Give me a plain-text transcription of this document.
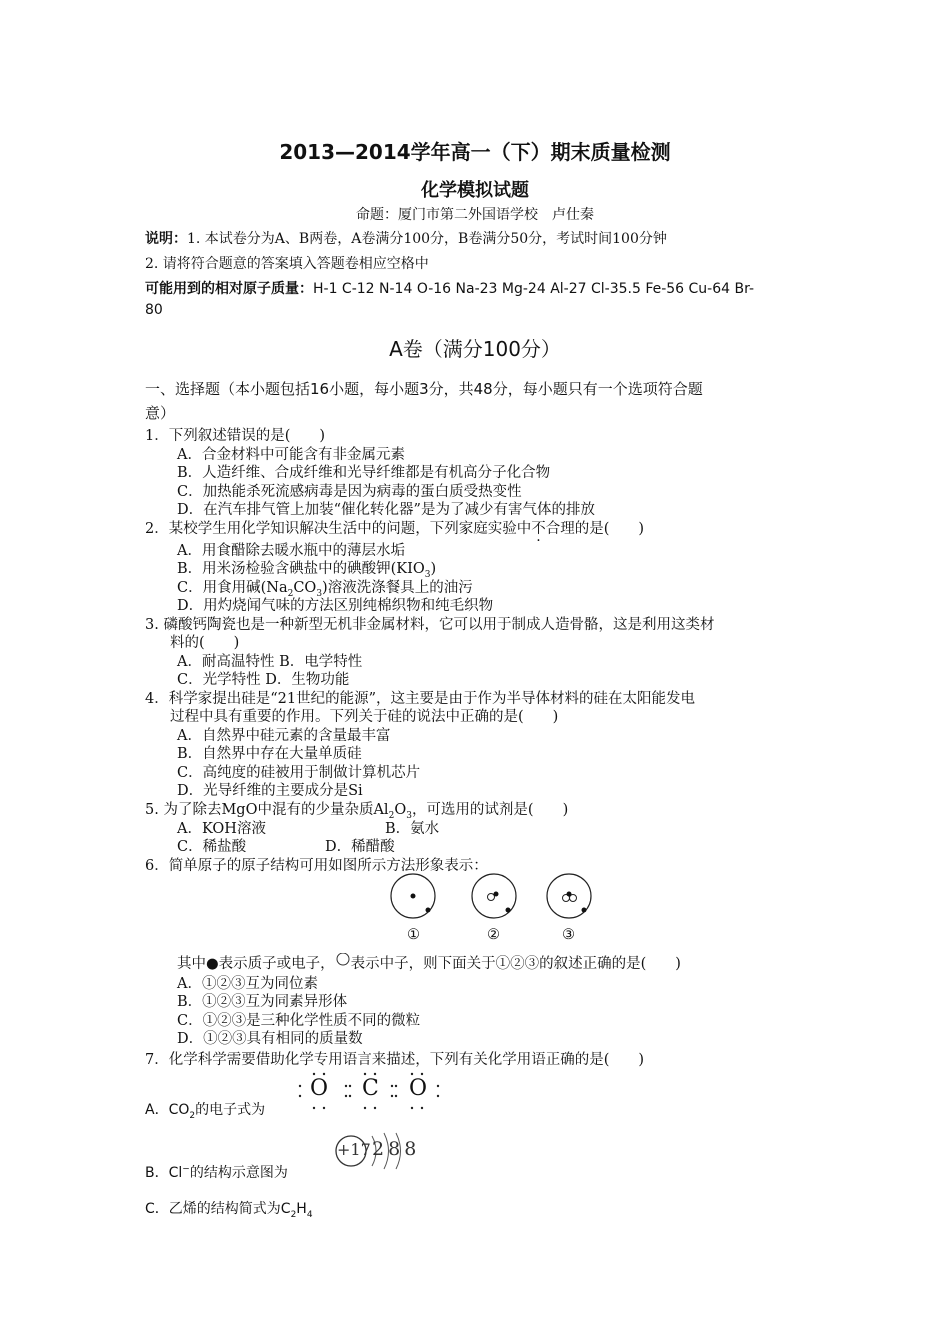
2013—2014学年高一（下）期末质量检测
化学模拟试题
命题：厦门市第二外国语学校　卢仕秦
说明：1. 本试卷分为A、B两卷，A卷满分100分，B卷满分50分，考试时间100分钟
2. 请将符合题意的答案填入答题卷相应空格中
可能用到的相对原子质量：H-1 C-12 N-14 O-16 Na-23 Mg-24 Al-27 Cl-35.5 Fe-56 Cu-64 Br-
80
A卷（满分100分）
一、选择题（本小题包括16小题，每小题3分，共48分，每小题只有一个选项符合题
意）
1．下列叙述错误的是(　　)
A．合金材料中可能含有非金属元素
B．人造纤维、合成纤维和光导纤维都是有机高分子化合物
C．加热能杀死流感病毒是因为病毒的蛋白质受热变性
D．在汽车排气管上加装“催化转化器”是为了减少有害气体的排放
2．某校学生用化学知识解决生活中的问题，下列家庭实验中不合理的是(　　)
A．用食醋除去暖水瓶中的薄层水垢
B．用米汤检验含碘盐中的碘酸钾$(KIO_3)$
C．用食用碱$(Na_2CO_3)$溶液洗涤餐具上的油污
D．用灼烧闻气味的方法区别纯棉织物和纯毛织物
3. 磷酸钙陶瓷也是一种新型无机非金属材料，它可以用于制成人造骨骼，这是利用这类材
料的(　　)
A．耐高温特性 B．电学特性
C．光学特性 D．生物功能
4．科学家提出硅是“21世纪的能源”，这主要是由于作为半导体材料的硅在太阳能发电
过程中具有重要的作用。下列关于硅的说法中正确的是(　　)
A．自然界中硅元素的含量最丰富
B．自然界中存在大量单质硅
C．高纯度的硅被用于制做计算机芯片
D．光导纤维的主要成分是Si
5. 为了除去MgO中混有的少量杂质$Al_2O_3$，可选用的试剂是(　　)
A．KOH溶液	B．氨水
C．稀盐酸	D．稀醋酸
6．简单原子的原子结构可用如图所示方法形象表示：
①	②	③
其中●表示质子或电子， 表示中子，则下面关于①②③的叙述正确的是(　　)
A．①②③互为同位素
B．①②③互为同素异形体
C．①②③是三种化学性质不同的微粒
D．①②③具有相同的质量数
7．化学科学需要借助化学专用语言来描述，下列有关化学用语正确的是(　　)
A．$CO_2$的电子式为
O C O
B．Cl−的结构示意图为
+17 2 8 8
C．乙烯的结构简式为$C_2H_4$
